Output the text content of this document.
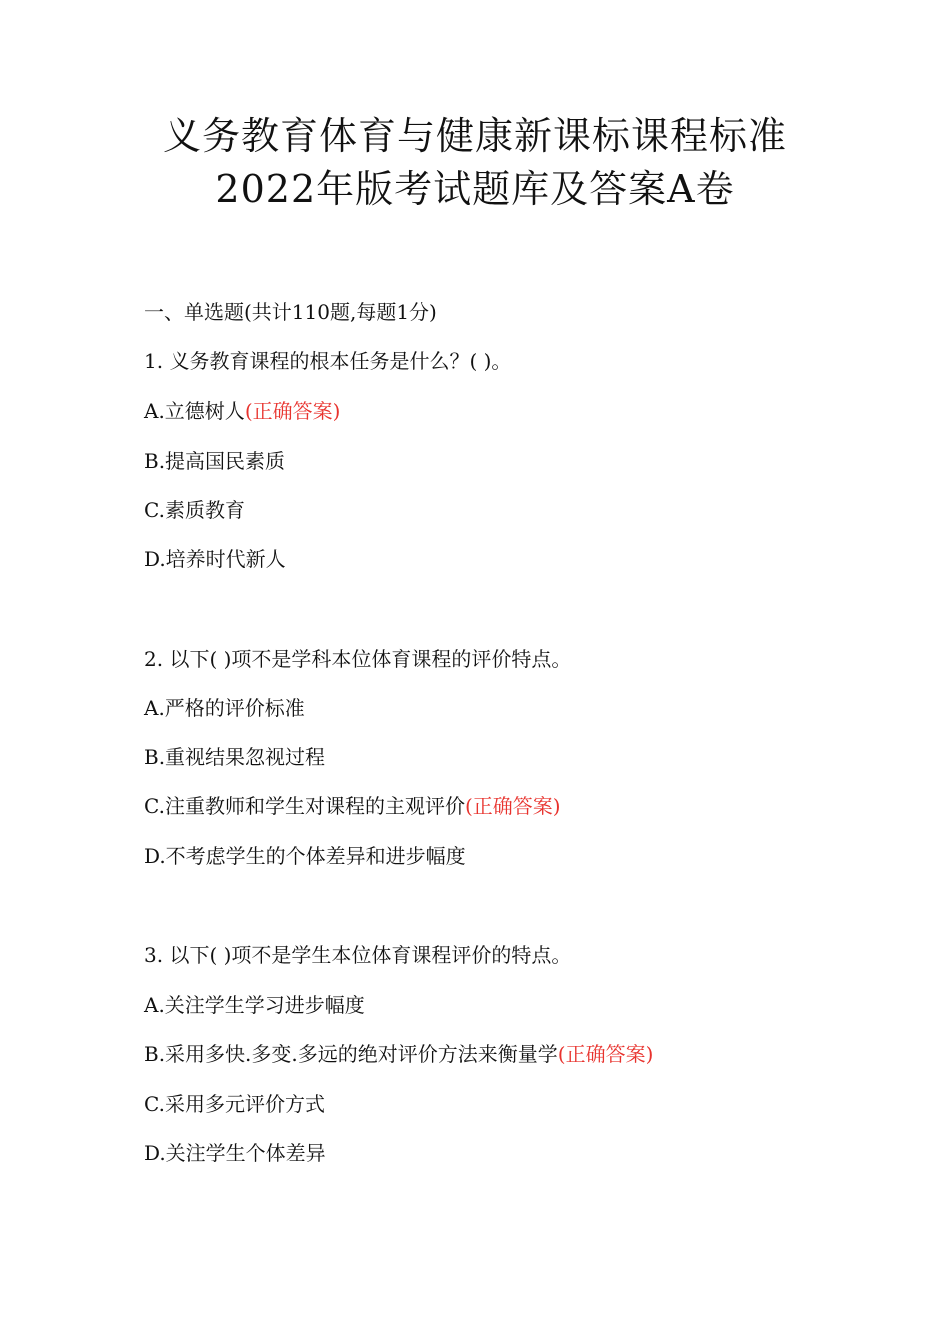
义务教育体育与健康新课标课程标准
2022年版考试题库及答案A卷
一、单选题(共计110题,每题1分)
1. 义务教育课程的根本任务是什么？( )。
A.立德树人(正确答案)
B.提高国民素质
C.素质教育
D.培养时代新人
2. 以下( )项不是学科本位体育课程的评价特点。
A.严格的评价标准
B.重视结果忽视过程
C.注重教师和学生对课程的主观评价(正确答案)
D.不考虑学生的个体差异和进步幅度
3. 以下( )项不是学生本位体育课程评价的特点。
A.关注学生学习进步幅度
B.采用多快.多变.多远的绝对评价方法来衡量学(正确答案)
C.采用多元评价方式
D.关注学生个体差异
